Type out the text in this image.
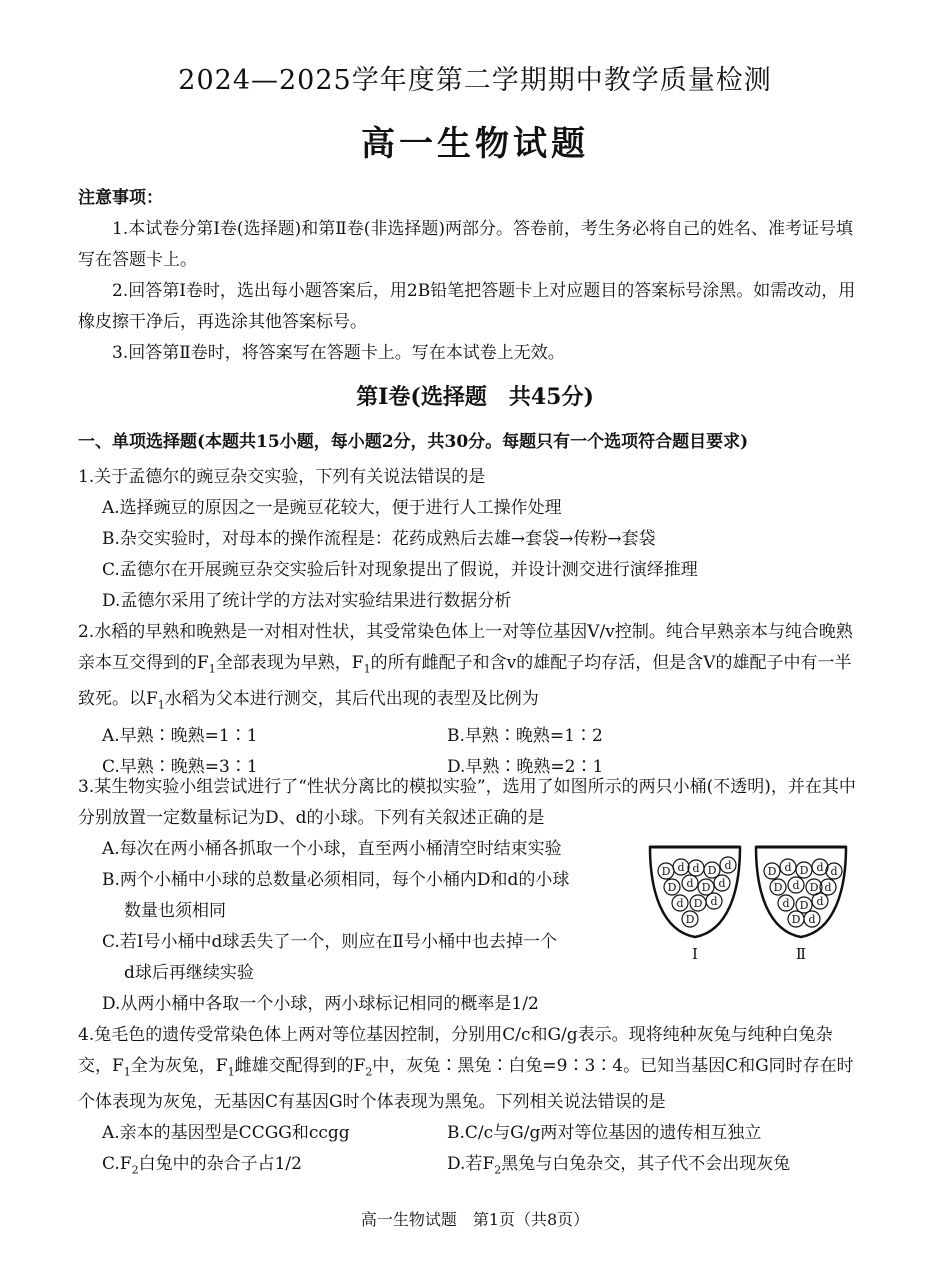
2024—2025学年度第二学期期中教学质量检测
高一生物试题
注意事项：

1.本试卷分第Ⅰ卷(选择题)和第Ⅱ卷(非选择题)两部分。答卷前，考生务必将自己的姓名、准考证号填写在答题卡上。

2.回答第Ⅰ卷时，选出每小题答案后，用2B铅笔把答题卡上对应题目的答案标号涂黑。如需改动，用橡皮擦干净后，再选涂其他答案标号。

3.回答第Ⅱ卷时，将答案写在答题卡上。写在本试卷上无效。

第Ⅰ卷(选择题　共45分)
一、单项选择题(本题共15小题，每小题2分，共30分。每题只有一个选项符合题目要求)

1.关于孟德尔的豌豆杂交实验，下列有关说法错误的是

A.选择豌豆的原因之一是豌豆花较大，便于进行人工操作处理

B.杂交实验时，对母本的操作流程是：花药成熟后去雄→套袋→传粉→套袋

C.孟德尔在开展豌豆杂交实验后针对现象提出了假说，并设计测交进行演绎推理

D.孟德尔采用了统计学的方法对实验结果进行数据分析

2.水稻的早熟和晚熟是一对相对性状，其受常染色体上一对等位基因V/v控制。纯合早熟亲本与纯合晚熟亲本互交得到的$F_1$全部表现为早熟，$F_1$的所有雌配子和含v的雄配子均存活，但是含V的雄配子中有一半致死。以$F_1$水稻为父本进行测交，其后代出现的表型及比例为

A.早熟∶晚熟=1∶1	B.早熟∶晚熟=1∶2

C.早熟∶晚熟=3∶1	D.早熟∶晚熟=2∶1

3.某生物实验小组尝试进行了“性状分离比的模拟实验”，选用了如图所示的两只小桶(不透明)，并在其中分别放置一定数量标记为D、d的小球。下列有关叙述正确的是

A.每次在两小桶各抓取一个小球，直至两小桶清空时结束实验

B.两个小桶中小球的总数量必须相同，每个小桶内D和d的小球

数量也须相同

C.若Ⅰ号小桶中d球丢失了一个，则应在Ⅱ号小桶中也去掉一个

d球后再继续实验

D.从两小桶中各取一个小球，两小球标记相同的概率是1/2

D d d D d
D d D d
d D d
D
D d D d d
D d D d
d D d
D d
Ⅰ	Ⅱ

4.兔毛色的遗传受常染色体上两对等位基因控制，分别用C/c和G/g表示。现将纯种灰兔与纯种白兔杂交，$F_1$全为灰兔，$F_1$雌雄交配得到的$F_2$中，灰兔∶黑兔∶白兔=9∶3∶4。已知当基因C和G同时存在时个体表现为灰兔，无基因C有基因G时个体表现为黑兔。下列相关说法错误的是

A.亲本的基因型是CCGG和ccgg	B.C/c与G/g两对等位基因的遗传相互独立

$C.F_2$白兔中的杂合子占1/2	D.若$F_2$黑兔与白兔杂交，其子代不会出现灰兔

高一生物试题　第1页（共8页）
